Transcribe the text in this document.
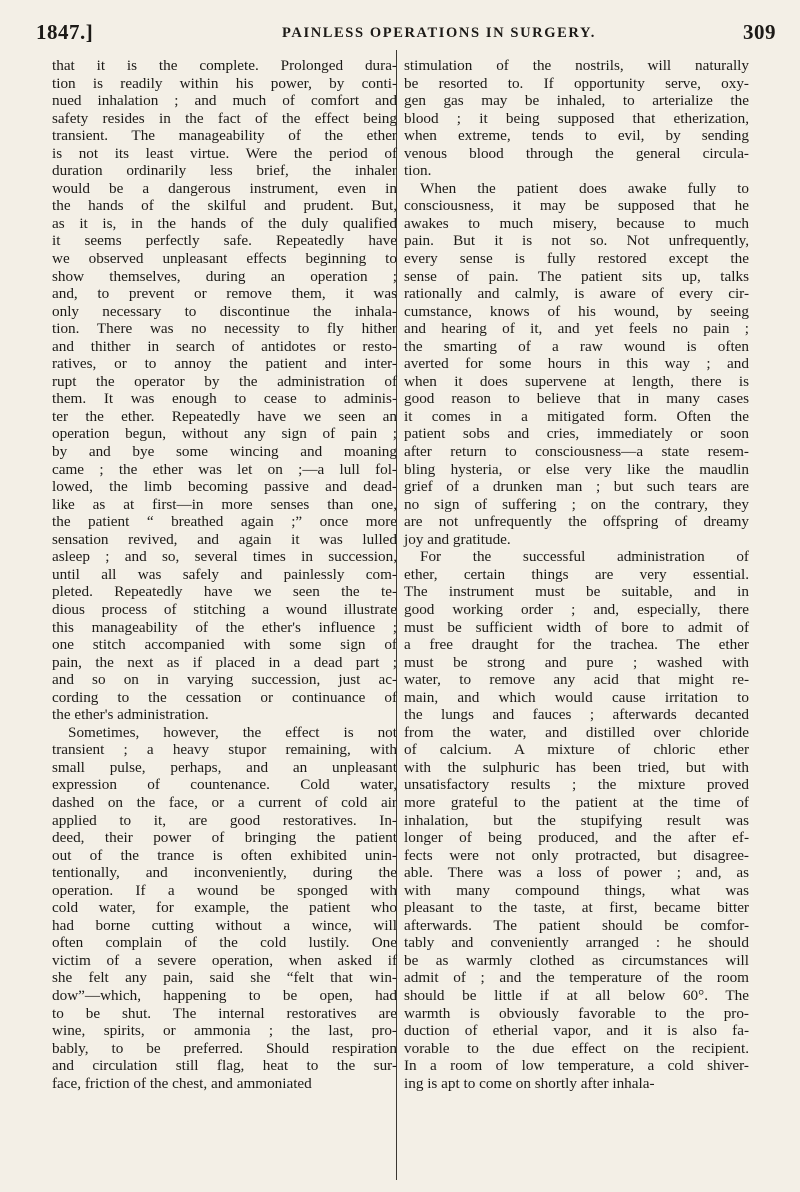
1847.]	PAINLESS OPERATIONS IN SURGERY.	309
that it is the complete. Prolonged dura-
tion is readily within his power, by conti-
nued inhalation ; and much of comfort and
safety resides in the fact of the effect being
transient. The manageability of the ether
is not its least virtue. Were the period of
duration ordinarily less brief, the inhaler
would be a dangerous instrument, even in
the hands of the skilful and prudent. But,
as it is, in the hands of the duly qualified
it seems perfectly safe. Repeatedly have
we observed unpleasant effects beginning to
show themselves, during an operation ;
and, to prevent or remove them, it was
only necessary to discontinue the inhala-
tion. There was no necessity to fly hither
and thither in search of antidotes or resto-
ratives, or to annoy the patient and inter-
rupt the operator by the administration of
them. It was enough to cease to adminis-
ter the ether. Repeatedly have we seen an
operation begun, without any sign of pain ;
by and bye some wincing and moaning
came ; the ether was let on ;—a lull fol-
lowed, the limb becoming passive and dead-
like as at first—in more senses than one,
the patient “ breathed again ;” once more
sensation revived, and again it was lulled
asleep ; and so, several times in succession,
until all was safely and painlessly com-
pleted. Repeatedly have we seen the te-
dious process of stitching a wound illustrate
this manageability of the ether's influence ;
one stitch accompanied with some sign of
pain, the next as if placed in a dead part ;
and so on in varying succession, just ac-
cording to the cessation or continuance of
the ether's administration.
Sometimes, however, the effect is not
transient ; a heavy stupor remaining, with
small pulse, perhaps, and an unpleasant
expression of countenance. Cold water,
dashed on the face, or a current of cold air
applied to it, are good restoratives. In-
deed, their power of bringing the patient
out of the trance is often exhibited unin-
tentionally, and inconveniently, during the
operation. If a wound be sponged with
cold water, for example, the patient who
had borne cutting without a wince, will
often complain of the cold lustily. One
victim of a severe operation, when asked if
she felt any pain, said she “felt that win-
dow”—which, happening to be open, had
to be shut. The internal restoratives are
wine, spirits, or ammonia ; the last, pro-
bably, to be preferred. Should respiration
and circulation still flag, heat to the sur-
face, friction of the chest, and ammoniated
stimulation of the nostrils, will naturally
be resorted to. If opportunity serve, oxy-
gen gas may be inhaled, to arterialize the
blood ; it being supposed that etherization,
when extreme, tends to evil, by sending
venous blood through the general circula-
tion.
When the patient does awake fully to
consciousness, it may be supposed that he
awakes to much misery, because to much
pain. But it is not so. Not unfrequently,
every sense is fully restored except the
sense of pain. The patient sits up, talks
rationally and calmly, is aware of every cir-
cumstance, knows of his wound, by seeing
and hearing of it, and yet feels no pain ;
the smarting of a raw wound is often
averted for some hours in this way ; and
when it does supervene at length, there is
good reason to believe that in many cases
it comes in a mitigated form. Often the
patient sobs and cries, immediately or soon
after return to consciousness—a state resem-
bling hysteria, or else very like the maudlin
grief of a drunken man ; but such tears are
no sign of suffering ; on the contrary, they
are not unfrequently the offspring of dreamy
joy and gratitude.
For the successful administration of
ether, certain things are very essential.
The instrument must be suitable, and in
good working order ; and, especially, there
must be sufficient width of bore to admit of
a free draught for the trachea. The ether
must be strong and pure ; washed with
water, to remove any acid that might re-
main, and which would cause irritation to
the lungs and fauces ; afterwards decanted
from the water, and distilled over chloride
of calcium. A mixture of chloric ether
with the sulphuric has been tried, but with
unsatisfactory results ; the mixture proved
more grateful to the patient at the time of
inhalation, but the stupifying result was
longer of being produced, and the after ef-
fects were not only protracted, but disagree-
able. There was a loss of power ; and, as
with many compound things, what was
pleasant to the taste, at first, became bitter
afterwards. The patient should be comfor-
tably and conveniently arranged : he should
be as warmly clothed as circumstances will
admit of ; and the temperature of the room
should be little if at all below 60°. The
warmth is obviously favorable to the pro-
duction of etherial vapor, and it is also fa-
vorable to the due effect on the recipient.
In a room of low temperature, a cold shiver-
ing is apt to come on shortly after inhala-
